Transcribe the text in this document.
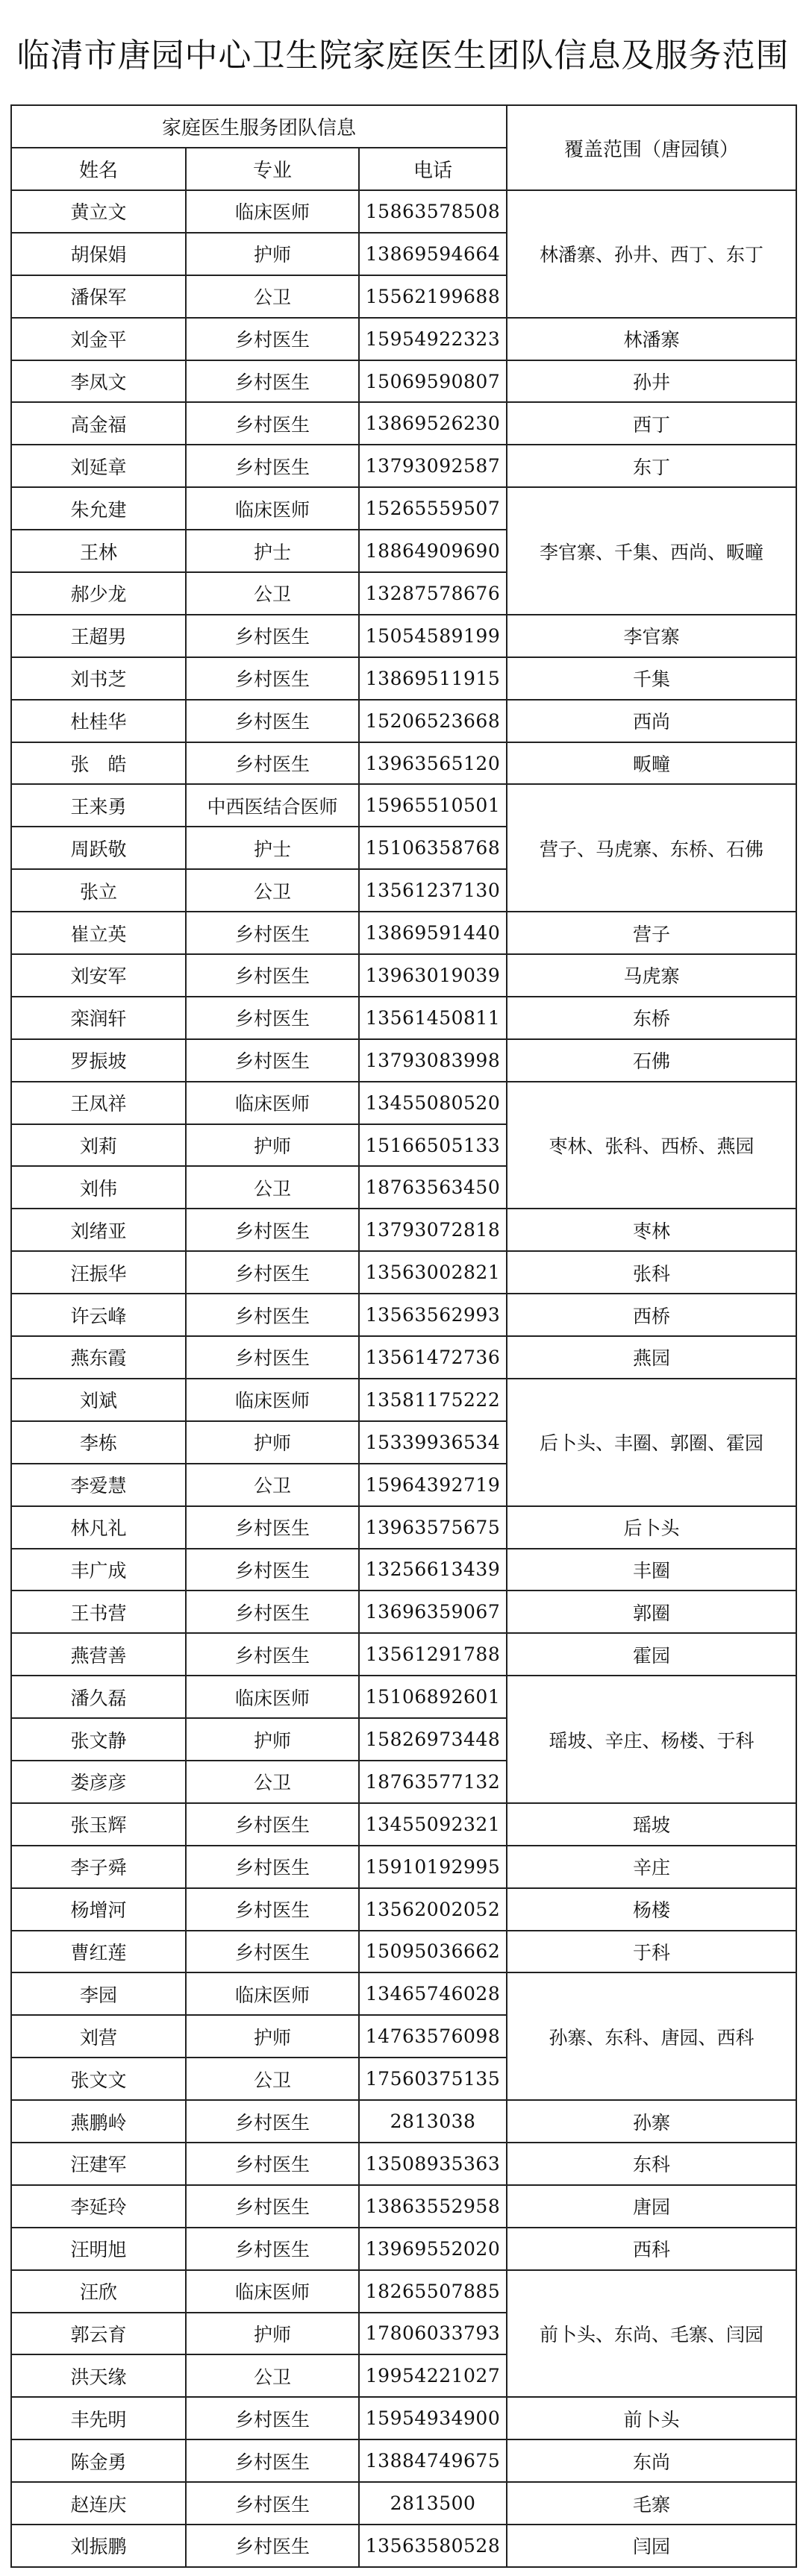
临清市唐园中心卫生院家庭医生团队信息及服务范围
家庭医生服务团队信息			覆盖范围（唐园镇）
姓名	专业	电话	
黄立文	临床医师	15863578508	林潘寨、孙井、西丁、东丁
胡保娟	护师	13869594664	
潘保军	公卫	15562199688	
刘金平	乡村医生	15954922323	林潘寨
李凤文	乡村医生	15069590807	孙井
高金福	乡村医生	13869526230	西丁
刘延章	乡村医生	13793092587	东丁
朱允建	临床医师	15265559507	李官寨、千集、西尚、畈疃
王林	护士	18864909690	
郝少龙	公卫	13287578676	
王超男	乡村医生	15054589199	李官寨
刘书芝	乡村医生	13869511915	千集
杜桂华	乡村医生	15206523668	西尚
张　皓	乡村医生	13963565120	畈疃
王来勇	中西医结合医师	15965510501	营子、马虎寨、东桥、石佛
周跃敬	护士	15106358768	
张立	公卫	13561237130	
崔立英	乡村医生	13869591440	营子
刘安军	乡村医生	13963019039	马虎寨
栾润轩	乡村医生	13561450811	东桥
罗振坡	乡村医生	13793083998	石佛
王凤祥	临床医师	13455080520	枣林、张科、西桥、燕园
刘莉	护师	15166505133	
刘伟	公卫	18763563450	
刘绪亚	乡村医生	13793072818	枣林
汪振华	乡村医生	13563002821	张科
许云峰	乡村医生	13563562993	西桥
燕东霞	乡村医生	13561472736	燕园
刘斌	临床医师	13581175222	后卜头、丰圈、郭圈、霍园
李栋	护师	15339936534	
李爱慧	公卫	15964392719	
林凡礼	乡村医生	13963575675	后卜头
丰广成	乡村医生	13256613439	丰圈
王书营	乡村医生	13696359067	郭圈
燕营善	乡村医生	13561291788	霍园
潘久磊	临床医师	15106892601	瑶坡、辛庄、杨楼、于科
张文静	护师	15826973448	
娄彦彦	公卫	18763577132	
张玉辉	乡村医生	13455092321	瑶坡
李子舜	乡村医生	15910192995	辛庄
杨增河	乡村医生	13562002052	杨楼
曹红莲	乡村医生	15095036662	于科
李园	临床医师	13465746028	孙寨、东科、唐园、西科
刘营	护师	14763576098	
张文文	公卫	17560375135	
燕鹏岭	乡村医生	2813038	孙寨
汪建军	乡村医生	13508935363	东科
李延玲	乡村医生	13863552958	唐园
汪明旭	乡村医生	13969552020	西科
汪欣	临床医师	18265507885	前卜头、东尚、毛寨、闫园
郭云育	护师	17806033793	
洪天缘	公卫	19954221027	
丰先明	乡村医生	15954934900	前卜头
陈金勇	乡村医生	13884749675	东尚
赵连庆	乡村医生	2813500	毛寨
刘振鹏	乡村医生	13563580528	闫园
